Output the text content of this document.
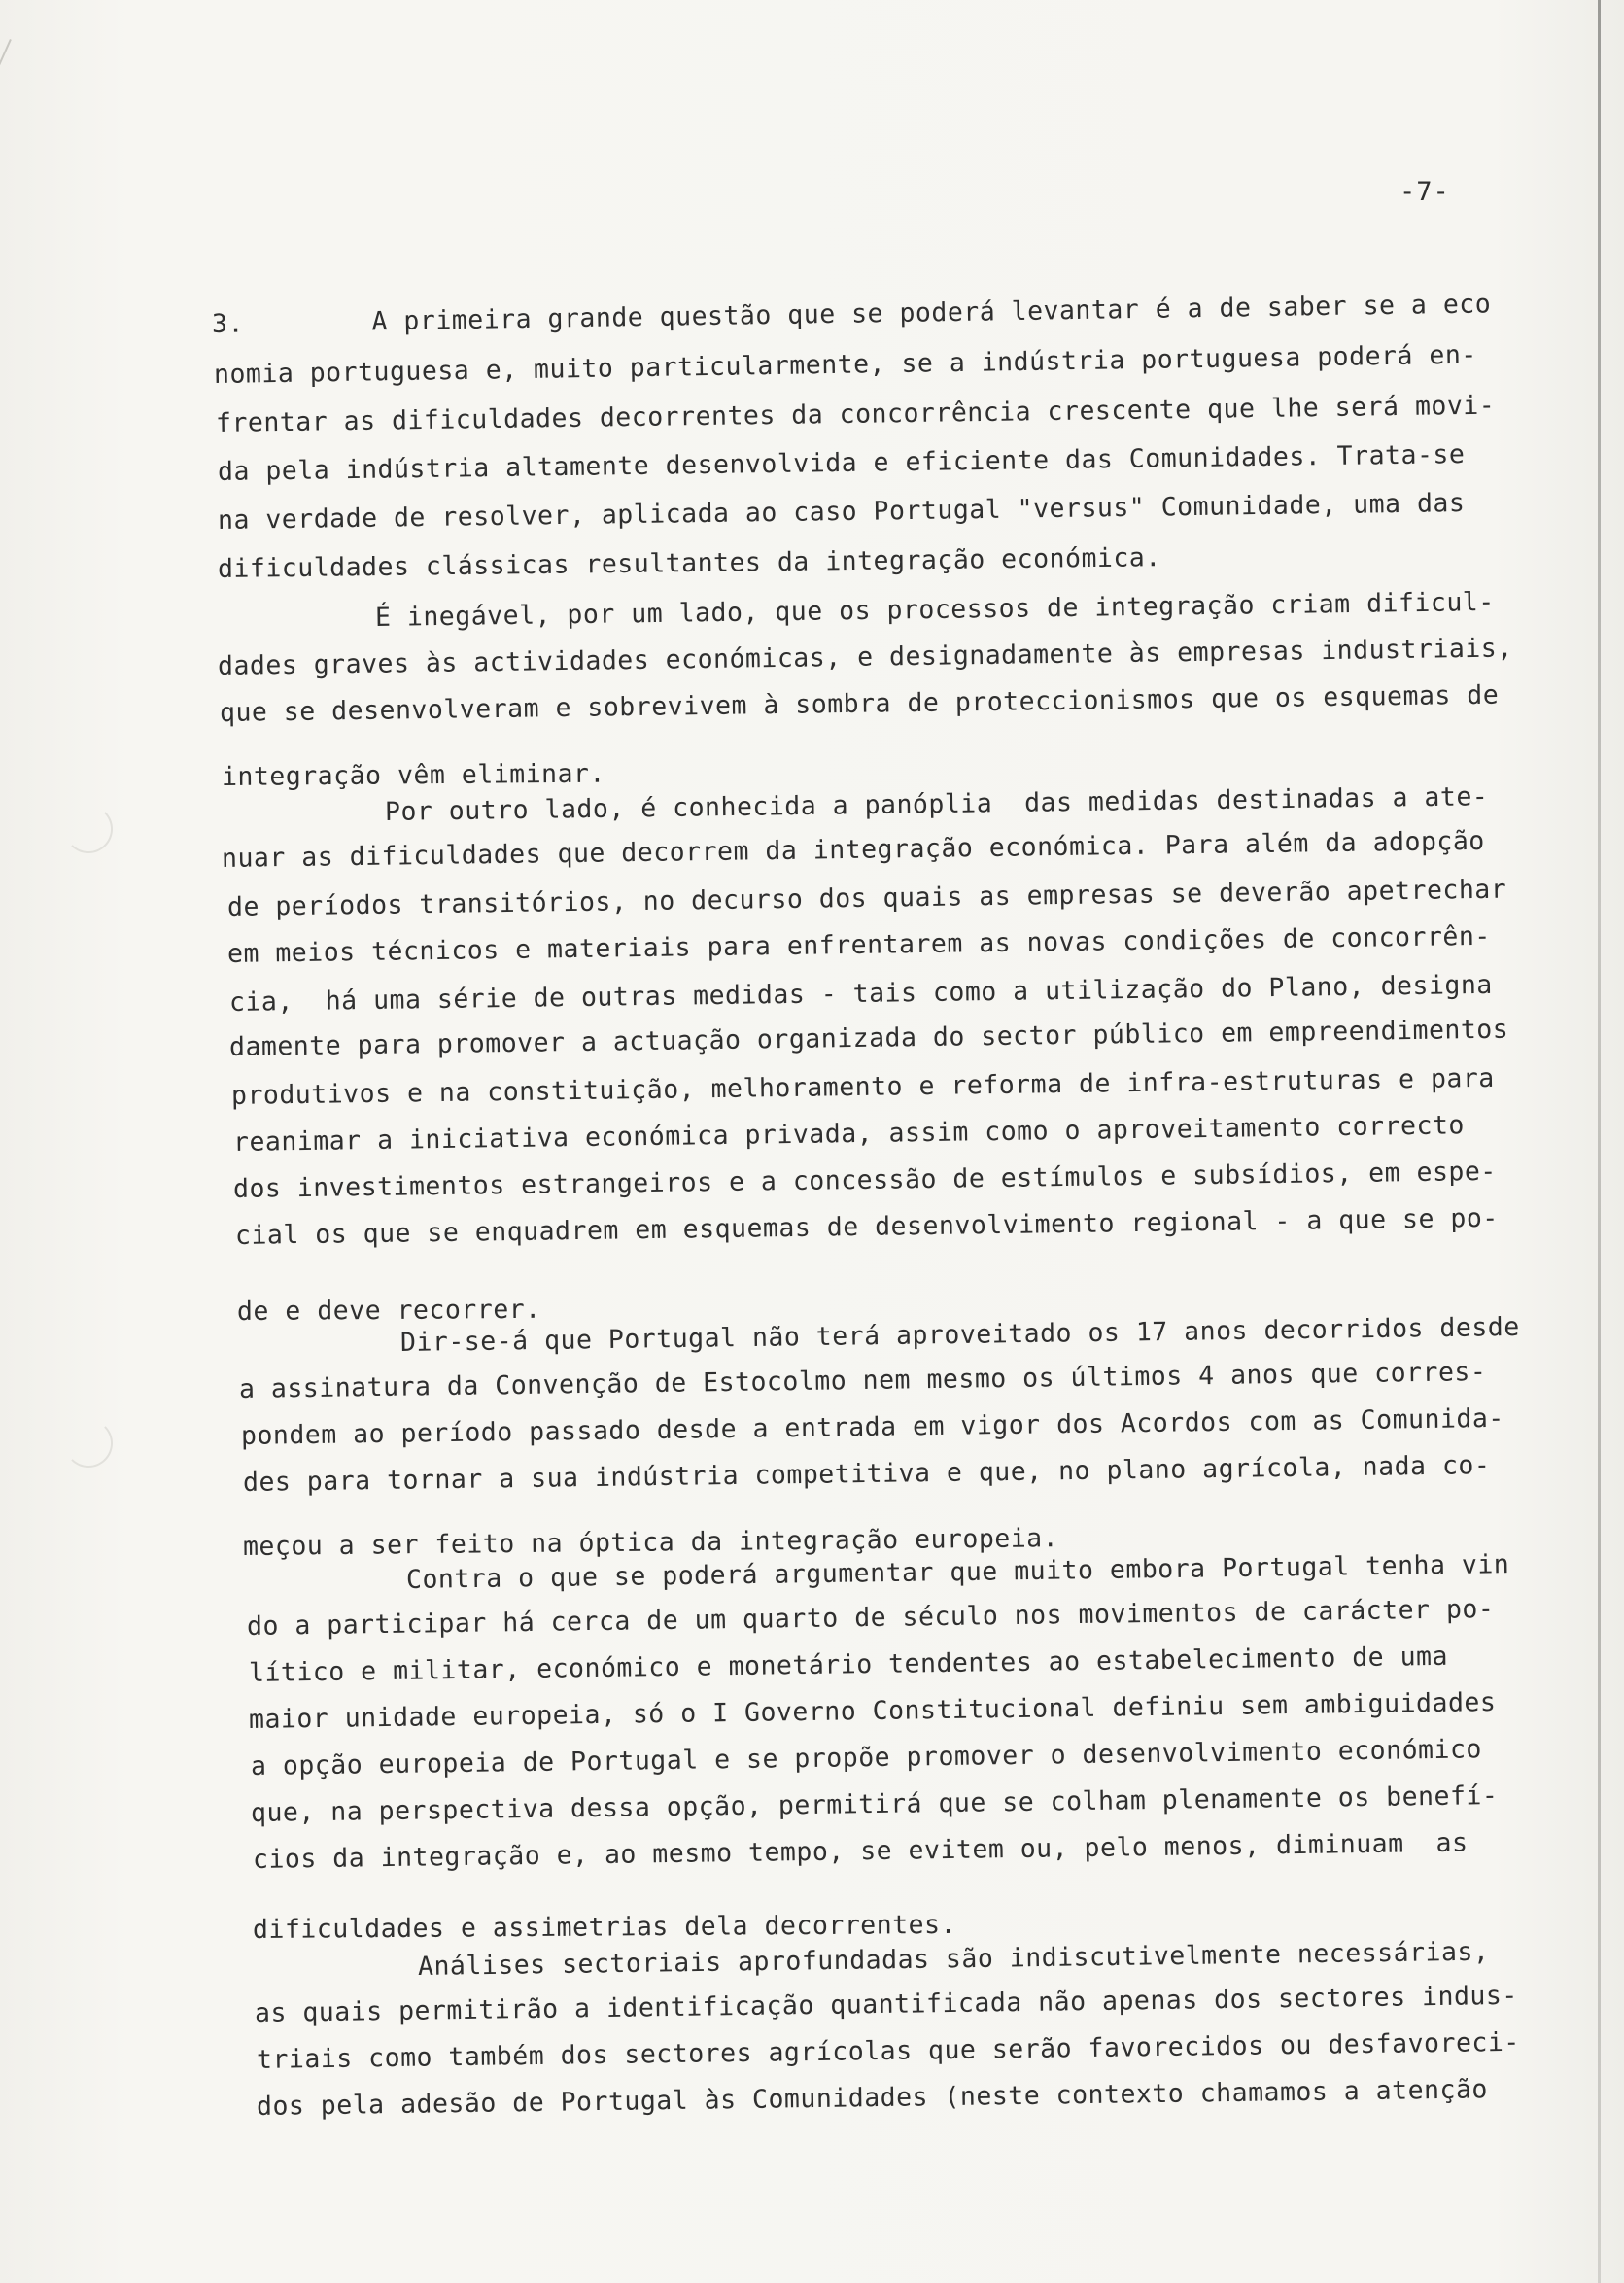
-7-
3.        A primeira grande questão que se poderá levantar é a de saber se a eco
nomia portuguesa e, muito particularmente, se a indústria portuguesa poderá en-
frentar as dificuldades decorrentes da concorrência crescente que lhe será movi-
da pela indústria altamente desenvolvida e eficiente das Comunidades. Trata-se
na verdade de resolver, aplicada ao caso Portugal "versus" Comunidade, uma das
dificuldades clássicas resultantes da integração económica.
É inegável, por um lado, que os processos de integração criam dificul-
dades graves às actividades económicas, e designadamente às empresas industriais,
que se desenvolveram e sobrevivem à sombra de proteccionismos que os esquemas de
integração vêm eliminar.
Por outro lado, é conhecida a panóplia  das medidas destinadas a ate-
nuar as dificuldades que decorrem da integração económica. Para além da adopção
de períodos transitórios, no decurso dos quais as empresas se deverão apetrechar
em meios técnicos e materiais para enfrentarem as novas condições de concorrên-
cia,  há uma série de outras medidas - tais como a utilização do Plano, designa
damente para promover a actuação organizada do sector público em empreendimentos
produtivos e na constituição, melhoramento e reforma de infra-estruturas e para
reanimar a iniciativa económica privada, assim como o aproveitamento correcto
dos investimentos estrangeiros e a concessão de estímulos e subsídios, em espe-
cial os que se enquadrem em esquemas de desenvolvimento regional - a que se po-
de e deve recorrer.
Dir-se-á que Portugal não terá aproveitado os 17 anos decorridos desde
a assinatura da Convenção de Estocolmo nem mesmo os últimos 4 anos que corres-
pondem ao período passado desde a entrada em vigor dos Acordos com as Comunida-
des para tornar a sua indústria competitiva e que, no plano agrícola, nada co-
meçou a ser feito na óptica da integração europeia.
Contra o que se poderá argumentar que muito embora Portugal tenha vin
do a participar há cerca de um quarto de século nos movimentos de carácter po-
lítico e militar, económico e monetário tendentes ao estabelecimento de uma
maior unidade europeia, só o I Governo Constitucional definiu sem ambiguidades
a opção europeia de Portugal e se propõe promover o desenvolvimento económico
que, na perspectiva dessa opção, permitirá que se colham plenamente os benefí-
cios da integração e, ao mesmo tempo, se evitem ou, pelo menos, diminuam  as
dificuldades e assimetrias dela decorrentes.
Análises sectoriais aprofundadas são indiscutivelmente necessárias,
as quais permitirão a identificação quantificada não apenas dos sectores indus-
triais como também dos sectores agrícolas que serão favorecidos ou desfavoreci-
dos pela adesão de Portugal às Comunidades (neste contexto chamamos a atenção
